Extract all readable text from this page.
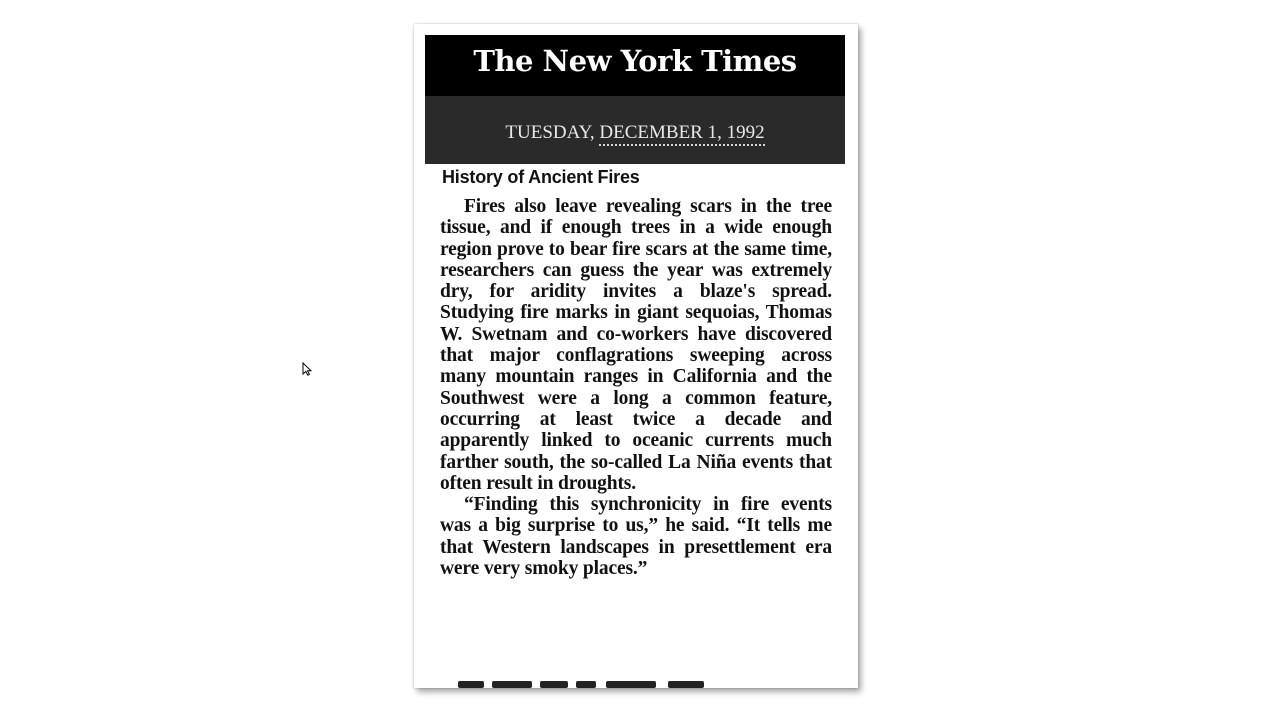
The New York Times
TUESDAY, DECEMBER 1, 1992
History of Ancient Fires

Fires also leave revealing scars in the tree tissue, and if enough trees in a wide enough region prove to bear fire scars at the same time, researchers can guess the year was extremely dry, for aridity invites a blaze's spread. Studying fire marks in giant sequoias, Thomas W. Swetnam and co-workers have discovered that major conflagrations sweeping across many mountain ranges in California and the Southwest were a long a common feature, occurring at least twice a decade and apparently linked to oceanic currents much farther south, the so-called La Niña events that often result in droughts.

“Finding this synchronicity in fire events was a big surprise to us,” he said. “It tells me that Western landscapes in presettlement era were very smoky places.”
